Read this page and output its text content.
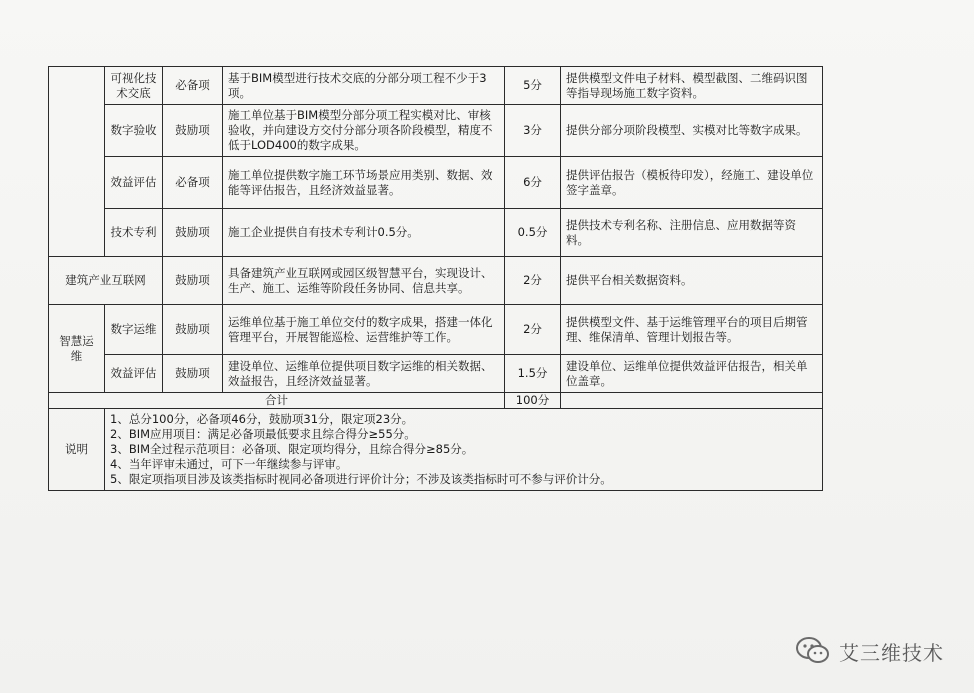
	可视化技术交底	必备项	基于BIM模型进行技术交底的分部分项工程不少于3项。	5分	提供模型文件电子材料、模型截图、二维码识图等指导现场施工数字资料。
	数字验收	鼓励项	施工单位基于BIM模型分部分项工程实模对比、审核验收，并向建设方交付分部分项各阶段模型，精度不低于LOD400的数字成果。	3分	提供分部分项阶段模型、实模对比等数字成果。
	效益评估	必备项	施工单位提供数字施工环节场景应用类别、数据、效能等评估报告，且经济效益显著。	6分	提供评估报告（模板待印发），经施工、建设单位签字盖章。
	技术专利	鼓励项	施工企业提供自有技术专利计0.5分。	0.5分	提供技术专利名称、注册信息、应用数据等资料。
建筑产业互联网		鼓励项	具备建筑产业互联网或园区级智慧平台，实现设计、生产、施工、运维等阶段任务协同、信息共享。	2分	提供平台相关数据资料。
智慧运维	数字运维	鼓励项	运维单位基于施工单位交付的数字成果，搭建一体化管理平台，开展智能巡检、运营维护等工作。	2分	提供模型文件、基于运维管理平台的项目后期管理、维保清单、管理计划报告等。
	效益评估	鼓励项	建设单位、运维单位提供项目数字运维的相关数据、效益报告，且经济效益显著。	1.5分	建设单位、运维单位提供效益评估报告，相关单位盖章。
合计				100分	
说明	1、总分100分，必备项46分，鼓励项31分，限定项23分。
2、BIM应用项目：满足必备项最低要求且综合得分≥55分。
3、BIM全过程示范项目：必备项、限定项均得分，且综合得分≥85分。
4、当年评审未通过，可下一年继续参与评审。
5、限定项指项目涉及该类指标时视同必备项进行评价计分；不涉及该类指标时可不参与评价计分。				
艾三维技术
